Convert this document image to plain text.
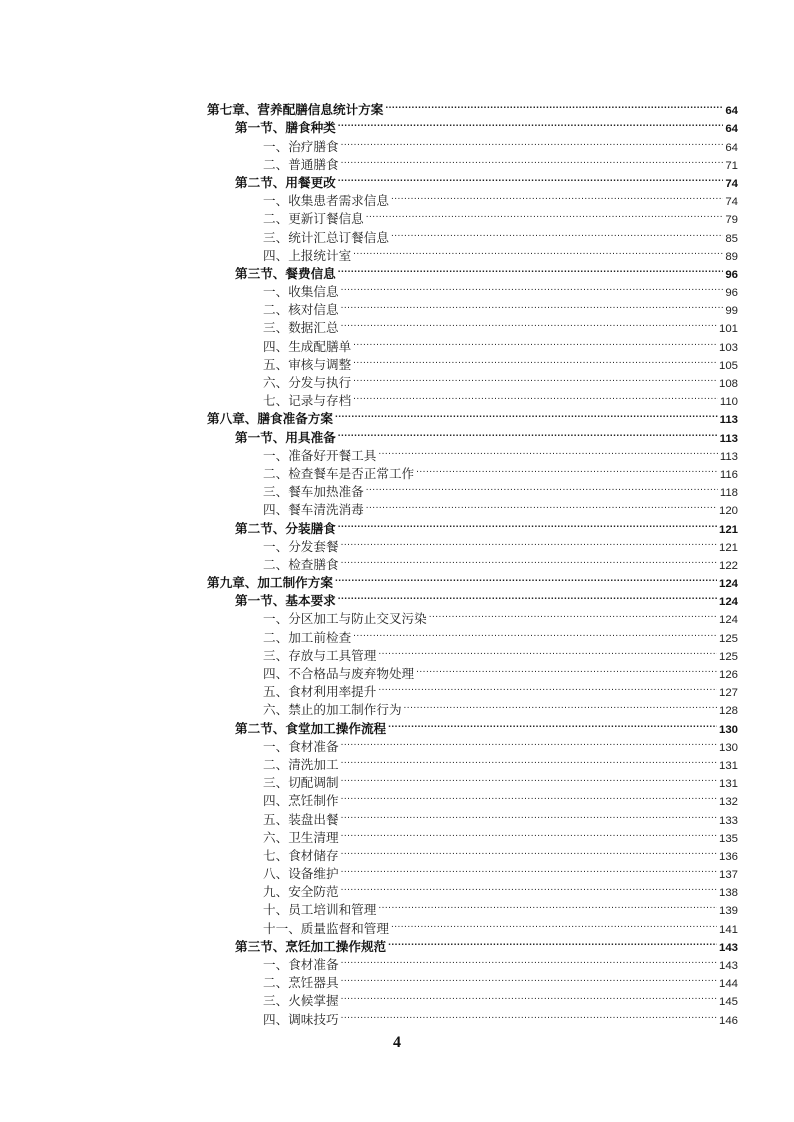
第七章、营养配膳信息统计方案 .....	64
第一节、膳食种类 .....	64
一、治疗膳食 .....	64
二、普通膳食 .....	71
第二节、用餐更改 .....	74
一、收集患者需求信息 .....	74
二、更新订餐信息 .....	79
三、统计汇总订餐信息 .....	85
四、上报统计室 .....	89
第三节、餐费信息 .....	96
一、收集信息 .....	96
二、核对信息 .....	99
三、数据汇总 .....	101
四、生成配膳单 .....	103
五、审核与调整 .....	105
六、分发与执行 .....	108
七、记录与存档 .....	110
第八章、膳食准备方案 .....	113
第一节、用具准备 .....	113
一、准备好开餐工具 .....	113
二、检查餐车是否正常工作 .....	116
三、餐车加热准备 .....	118
四、餐车清洗消毒 .....	120
第二节、分装膳食 .....	121
一、分发套餐 .....	121
二、检查膳食 .....	122
第九章、加工制作方案 .....	124
第一节、基本要求 .....	124
一、分区加工与防止交叉污染 .....	124
二、加工前检查 .....	125
三、存放与工具管理 .....	125
四、不合格品与废弃物处理 .....	126
五、食材利用率提升 .....	127
六、禁止的加工制作行为 .....	128
第二节、食堂加工操作流程 .....	130
一、食材准备 .....	130
二、清洗加工 .....	131
三、切配调制 .....	131
四、烹饪制作 .....	132
五、装盘出餐 .....	133
六、卫生清理 .....	135
七、食材储存 .....	136
八、设备维护 .....	137
九、安全防范 .....	138
十、员工培训和管理 .....	139
十一、质量监督和管理 .....	141
第三节、烹饪加工操作规范 .....	143
一、食材准备 .....	143
二、烹饪器具 .....	144
三、火候掌握 .....	145
四、调味技巧 .....	146
4
